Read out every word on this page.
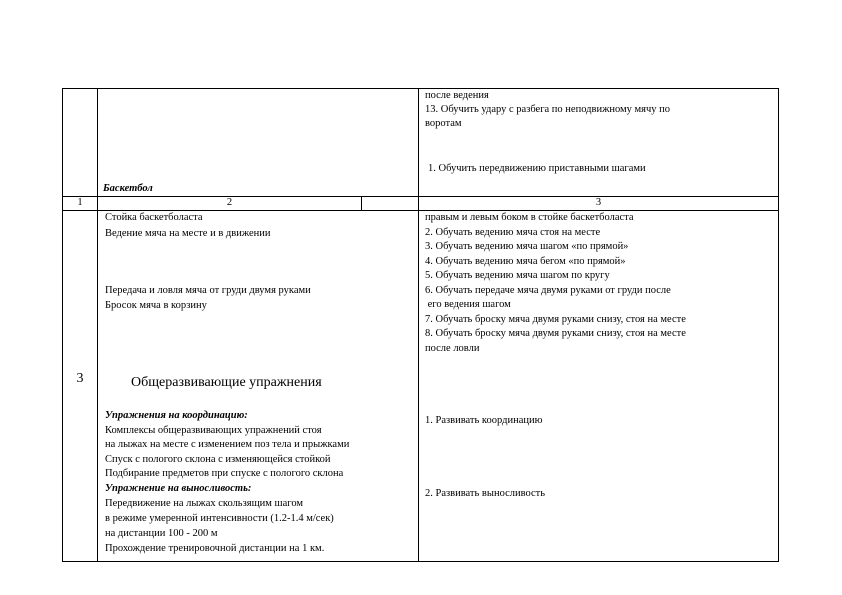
после ведения
13. Обучить удару с разбега по неподвижному мячу по
воротам
1. Обучить передвижению приставными шагами
Баскетбол
1	2	3
3
Стойка баскетболаста
Ведение мяча на месте и в движении
Передача и ловля мяча от груди двумя руками
Бросок мяча в корзину
Общеразвивающие упражнения
Упражнения на координацию:
Комплексы общеразвивающих упражнений стоя
на лыжах на месте с изменением поз тела и прыжками
Спуск с пологого склона с изменяющейся стойкой
Подбирание предметов при спуске с пологого склона
Упражнение на выносливость:
Передвижение на лыжах скользящим шагом
в режиме умеренной интенсивности (1.2-1.4 м/сек)
на дистанции 100 - 200 м
Прохождение тренировочной дистанции на 1 км.
правым и левым боком в стойке баскетболаста
2. Обучать ведению мяча стоя на месте
3. Обучать ведению мяча шагом «по прямой»
4. Обучать ведению мяча бегом «по прямой»
5. Обучать ведению мяча шагом по кругу
6. Обучать передаче мяча двумя руками от груди после
его ведения шагом
7. Обучать броску мяча двумя руками снизу, стоя на месте
8. Обучать броску мяча двумя руками снизу, стоя на месте
после ловли
1. Развивать координацию
2. Развивать выносливость
